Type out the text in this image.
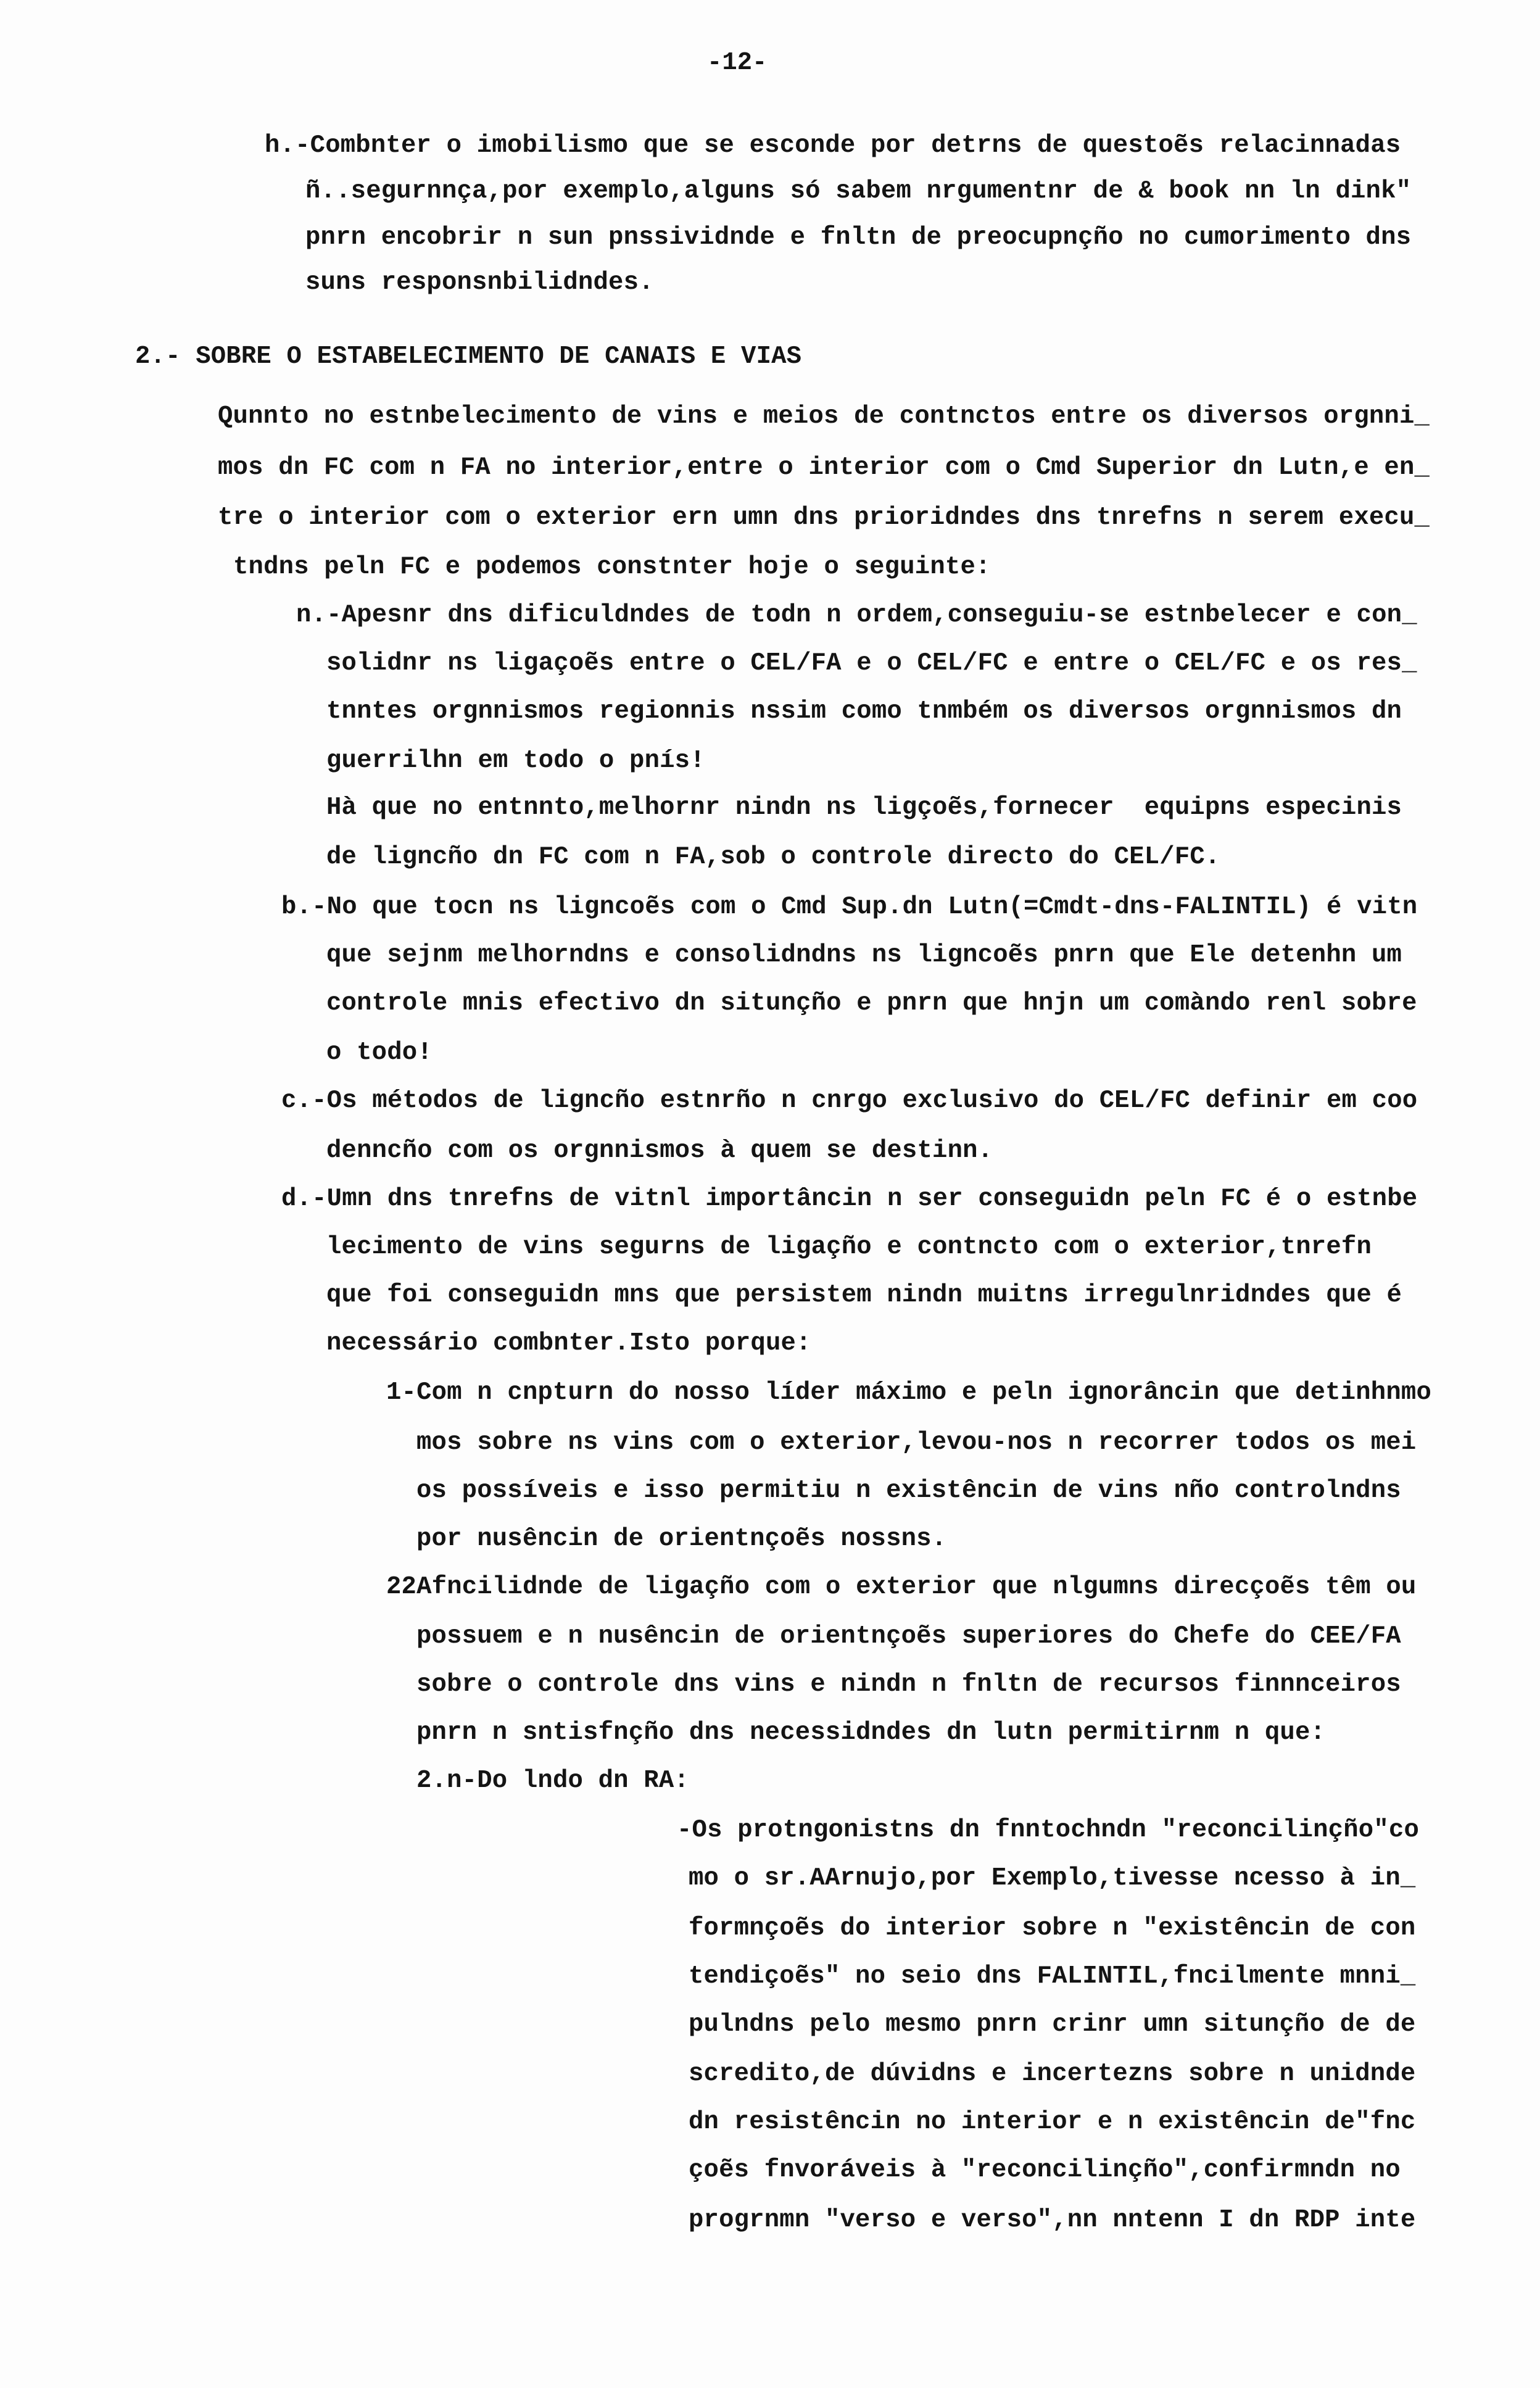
-12-
h.-Combnter o imobilismo que se esconde por detrns de questoẽs relacinnadas
ñ..segurnnça,por exemplo,alguns só sabem nrgumentnr de & book nn ln dink"
pnrn encobrir n sun pnssividnde e fnltn de preocupnçño no cumorimento dns
suns responsnbilidndes.
2.- SOBRE O ESTABELECIMENTO DE CANAIS E VIAS
Qunnto no estnbelecimento de vins e meios de contnctos entre os diversos orgnni_
mos dn FC com n FA no interior,entre o interior com o Cmd Superior dn Lutn,e en_
tre o interior com o exterior ern umn dns prioridndes dns tnrefns n serem execu_
tndns peln FC e podemos constnter hoje o seguinte:
n.-Apesnr dns dificuldndes de todn n ordem,conseguiu-se estnbelecer e con_
solidnr ns ligaçoẽs entre o CEL/FA e o CEL/FC e entre o CEL/FC e os res_
tnntes orgnnismos regionnis nssim como tnmbém os diversos orgnnismos dn
guerrilhn em todo o pnís!
Hà que no entnnto,melhornr nindn ns ligçoẽs,fornecer  equipns especinis
de ligncño dn FC com n FA,sob o controle directo do CEL/FC.
b.-No que tocn ns ligncoẽs com o Cmd Sup.dn Lutn(=Cmdt-dns-FALINTIL) é vitn
que sejnm melhorndns e consolidndns ns ligncoẽs pnrn que Ele detenhn um
controle mnis efectivo dn situnçño e pnrn que hnjn um comàndo renl sobre
o todo!
c.-Os métodos de ligncño estnrño n cnrgo exclusivo do CEL/FC definir em coo
denncño com os orgnnismos à quem se destinn.
d.-Umn dns tnrefns de vitnl importâncin n ser conseguidn peln FC é o estnbe
lecimento de vins segurns de ligaçño e contncto com o exterior,tnrefn
que foi conseguidn mns que persistem nindn muitns irregulnridndes que é
necessário combnter.Isto porque:
1-Com n cnpturn do nosso líder máximo e peln ignorâncin que detinhnmo
mos sobre ns vins com o exterior,levou-nos n recorrer todos os mei
os possíveis e isso permitiu n existêncin de vins nño controlndns
por nusêncin de orientnçoẽs nossns.
22Afncilidnde de ligaçño com o exterior que nlgumns direcçoẽs têm ou
possuem e n nusêncin de orientnçoẽs superiores do Chefe do CEE/FA
sobre o controle dns vins e nindn n fnltn de recursos finnnceiros
pnrn n sntisfnçño dns necessidndes dn lutn permitirnm n que:
2.n-Do lndo dn RA:
-Os protngonistns dn fnntochndn "reconcilinçño"co
mo o sr.AArnujo,por Exemplo,tivesse ncesso à in_
formnçoẽs do interior sobre n "existêncin de con
tendiçoẽs" no seio dns FALINTIL,fncilmente mnni_
pulndns pelo mesmo pnrn crinr umn situnçño de de
scredito,de dúvidns e incertezns sobre n unidnde
dn resistêncin no interior e n existêncin de"fnc
çoẽs fnvoráveis à "reconcilinçño",confirmndn no
progrnmn "verso e verso",nn nntenn I dn RDP inte
